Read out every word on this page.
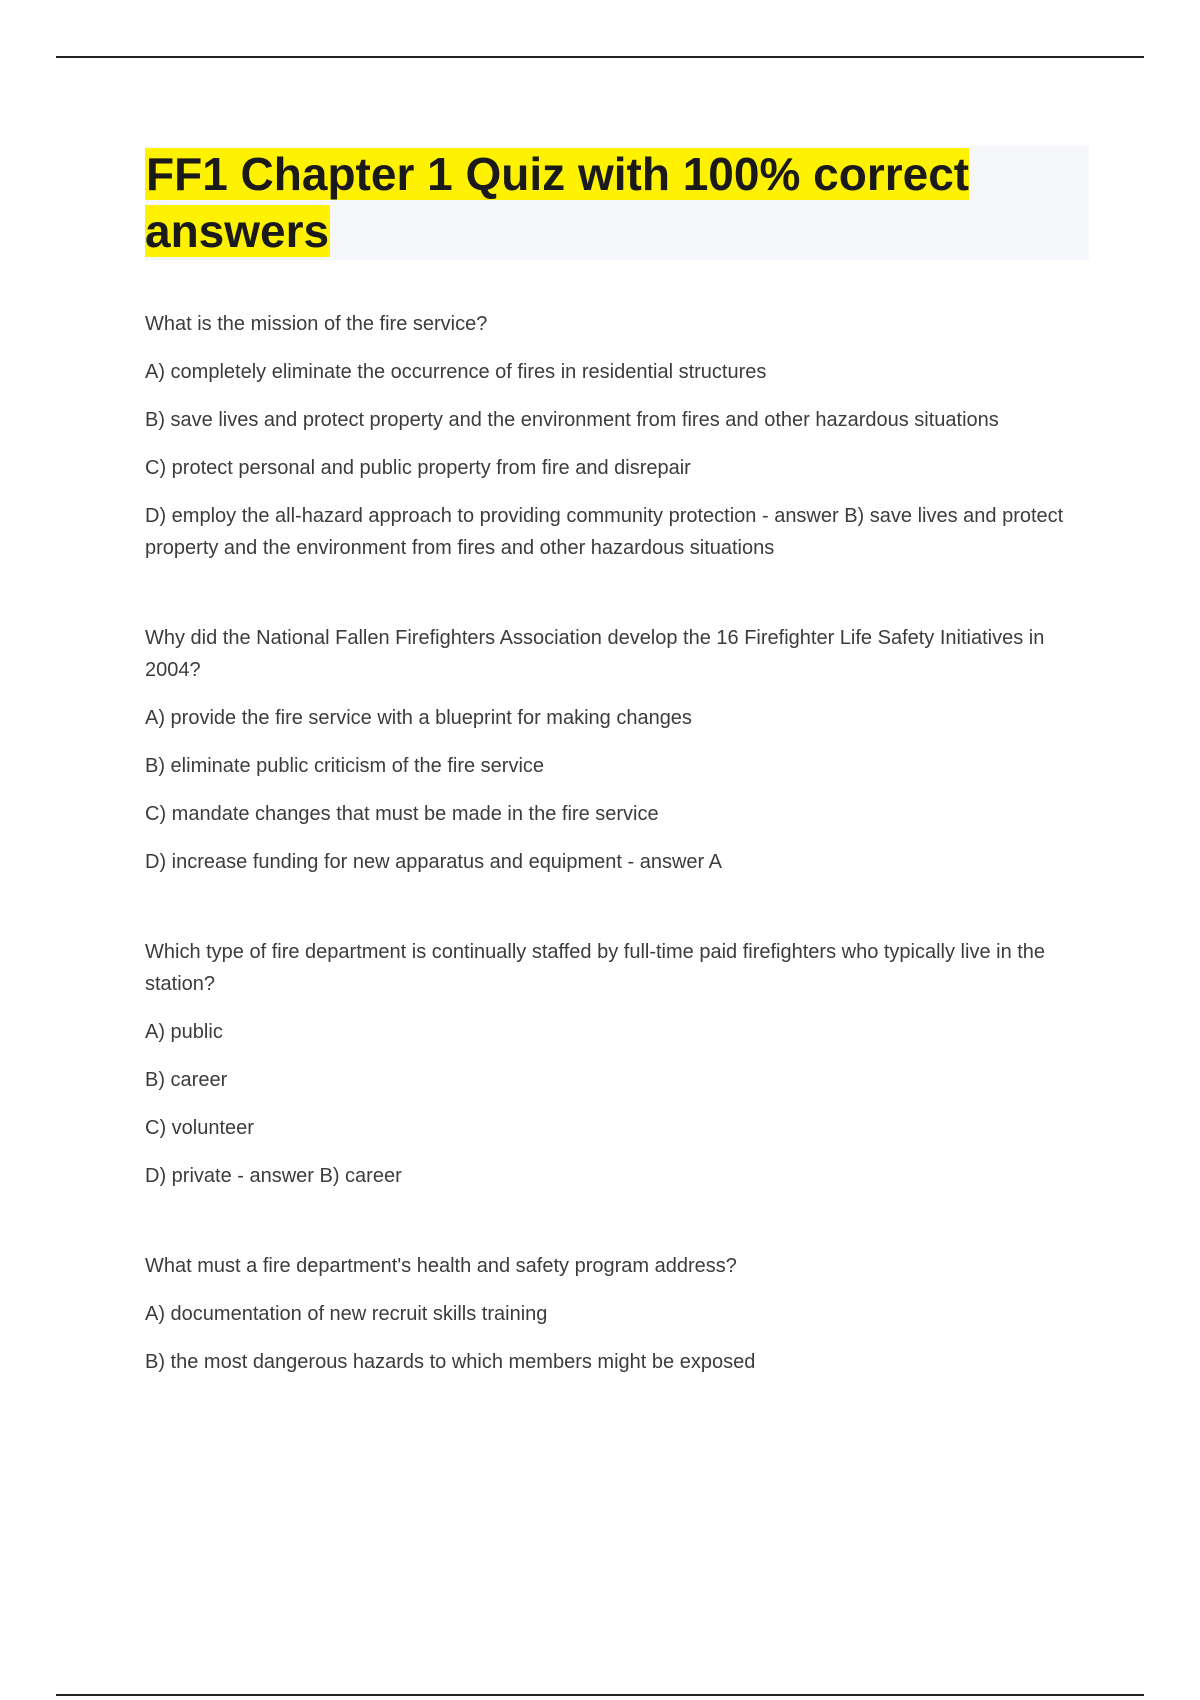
FF1 Chapter 1 Quiz with 100% correct answers

What is the mission of the fire service?

A) completely eliminate the occurrence of fires in residential structures

B) save lives and protect property and the environment from fires and other hazardous situations

C) protect personal and public property from fire and disrepair

D) employ the all-hazard approach to providing community protection - answer B) save lives and protect property and the environment from fires and other hazardous situations

Why did the National Fallen Firefighters Association develop the 16 Firefighter Life Safety Initiatives in 2004?

A) provide the fire service with a blueprint for making changes

B) eliminate public criticism of the fire service

C) mandate changes that must be made in the fire service

D) increase funding for new apparatus and equipment - answer A

Which type of fire department is continually staffed by full-time paid firefighters who typically live in the station?

A) public

B) career

C) volunteer

D) private - answer B) career

What must a fire department's health and safety program address?

A) documentation of new recruit skills training

B) the most dangerous hazards to which members might be exposed
